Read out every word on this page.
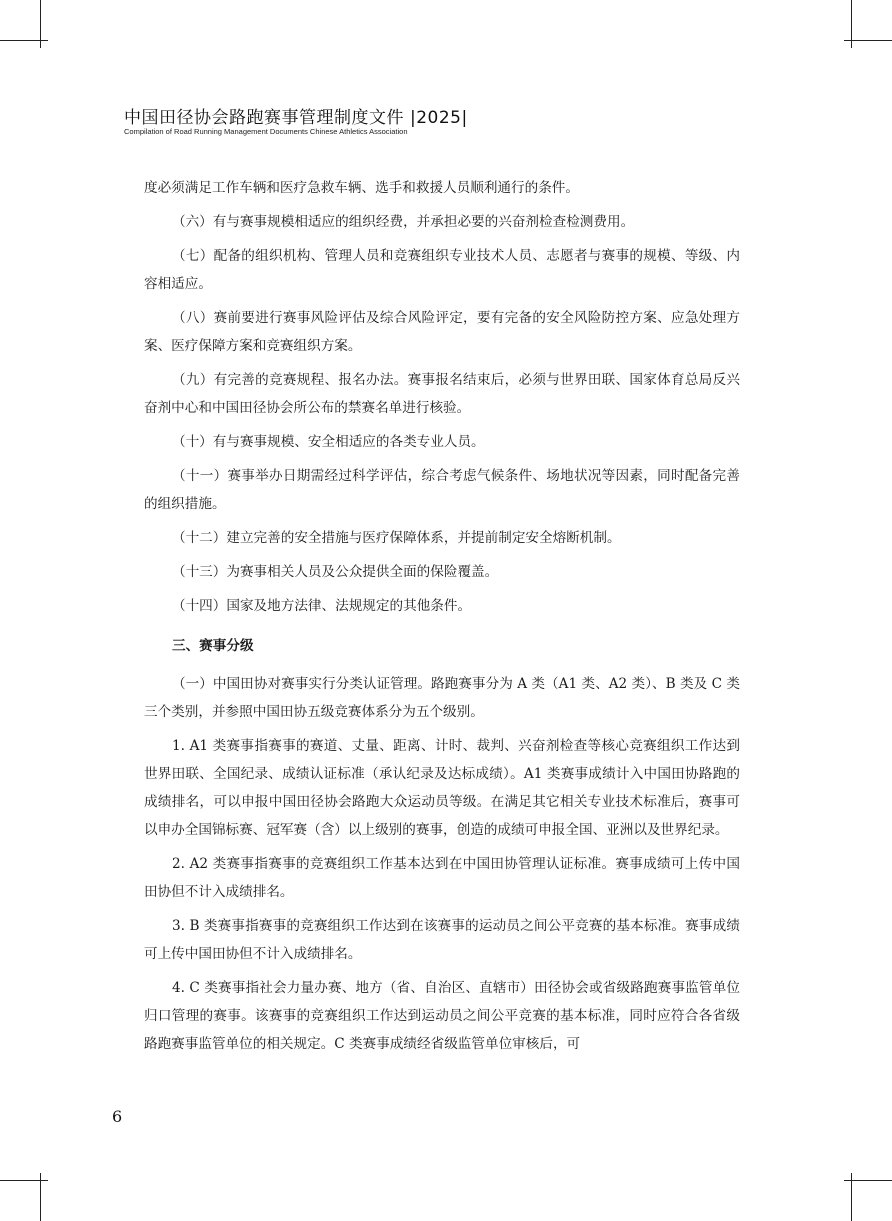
中国田径协会路跑赛事管理制度文件 |2025|
Compilation of Road Running Management Documents Chinese Athletics Association

度必须满足工作车辆和医疗急救车辆、选手和救援人员顺利通行的条件。

（六）有与赛事规模相适应的组织经费，并承担必要的兴奋剂检查检测费用。

（七）配备的组织机构、管理人员和竞赛组织专业技术人员、志愿者与赛事的规模、等级、内容相适应。

（八）赛前要进行赛事风险评估及综合风险评定，要有完备的安全风险防控方案、应急处理方案、医疗保障方案和竞赛组织方案。

（九）有完善的竞赛规程、报名办法。赛事报名结束后，必须与世界田联、国家体育总局反兴奋剂中心和中国田径协会所公布的禁赛名单进行核验。

（十）有与赛事规模、安全相适应的各类专业人员。

（十一）赛事举办日期需经过科学评估，综合考虑气候条件、场地状况等因素，同时配备完善的组织措施。

（十二）建立完善的安全措施与医疗保障体系，并提前制定安全熔断机制。

（十三）为赛事相关人员及公众提供全面的保险覆盖。

（十四）国家及地方法律、法规规定的其他条件。

三、赛事分级

（一）中国田协对赛事实行分类认证管理。路跑赛事分为 A 类（A1 类、A2 类）、B 类及 C 类三个类别，并参照中国田协五级竞赛体系分为五个级别。

1. A1 类赛事指赛事的赛道、丈量、距离、计时、裁判、兴奋剂检查等核心竞赛组织工作达到世界田联、全国纪录、成绩认证标准（承认纪录及达标成绩）。A1 类赛事成绩计入中国田协路跑的成绩排名，可以申报中国田径协会路跑大众运动员等级。在满足其它相关专业技术标准后，赛事可以申办全国锦标赛、冠军赛（含）以上级别的赛事，创造的成绩可申报全国、亚洲以及世界纪录。

2. A2 类赛事指赛事的竞赛组织工作基本达到在中国田协管理认证标准。赛事成绩可上传中国田协但不计入成绩排名。

3. B 类赛事指赛事的竞赛组织工作达到在该赛事的运动员之间公平竞赛的基本标准。赛事成绩可上传中国田协但不计入成绩排名。

4. C 类赛事指社会力量办赛、地方（省、自治区、直辖市）田径协会或省级路跑赛事监管单位归口管理的赛事。该赛事的竞赛组织工作达到运动员之间公平竞赛的基本标准，同时应符合各省级路跑赛事监管单位的相关规定。C 类赛事成绩经省级监管单位审核后，可

6
